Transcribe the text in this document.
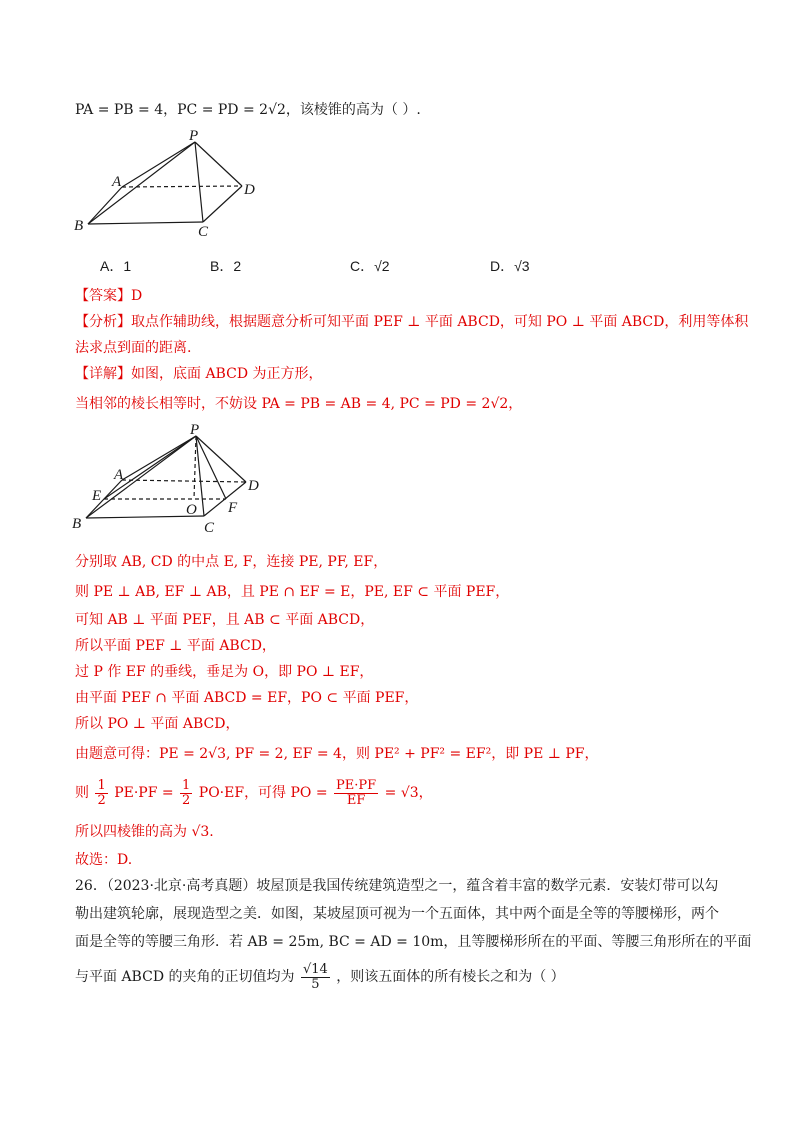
PA = PB = 4，PC = PD = 2√2，该棱锥的高为（ ）.
P
A	D
B	C
A．1	B．2	C．√2	D．√3
【答案】D
【分析】取点作辅助线，根据题意分析可知平面 PEF ⊥ 平面 ABCD，可知 PO ⊥ 平面 ABCD，利用等体积
法求点到面的距离.
【详解】如图，底面 ABCD 为正方形，
当相邻的棱长相等时，不妨设 PA = PB = AB = 4, PC = PD = 2√2，
P
A
E
D
O F
B	C
分别取 AB, CD 的中点 E, F，连接 PE, PF, EF，
则 PE ⊥ AB, EF ⊥ AB，且 PE ∩ EF = E，PE, EF ⊂ 平面 PEF，
可知 AB ⊥ 平面 PEF，且 AB ⊂ 平面 ABCD，
所以平面 PEF ⊥ 平面 ABCD，
过 P 作 EF 的垂线，垂足为 O，即 PO ⊥ EF，
由平面 PEF ∩ 平面 ABCD = EF，PO ⊂ 平面 PEF，
所以 PO ⊥ 平面 ABCD，
由题意可得：PE = 2√3, PF = 2, EF = 4，则 PE² + PF² = EF²，即 PE ⊥ PF，
则 $\frac{1}{2} PE\cdot PF = \frac{1}{2} PO\cdot EF$，可得 PO = $\frac{PE\cdot PF}{EF} = √3$，
所以四棱锥的高为 √3.
故选：D.
26．（2023·北京·高考真题）坡屋顶是我国传统建筑造型之一，蕴含着丰富的数学元素．安装灯带可以勾
勒出建筑轮廓，展现造型之美．如图，某坡屋顶可视为一个五面体，其中两个面是全等的等腰梯形，两个
面是全等的等腰三角形．若 AB = 25m, BC = AD = 10m，且等腰梯形所在的平面、等腰三角形所在的平面
与平面 ABCD 的夹角的正切值均为 $\frac{√14}{5}$ ，则该五面体的所有棱长之和为（ ）
